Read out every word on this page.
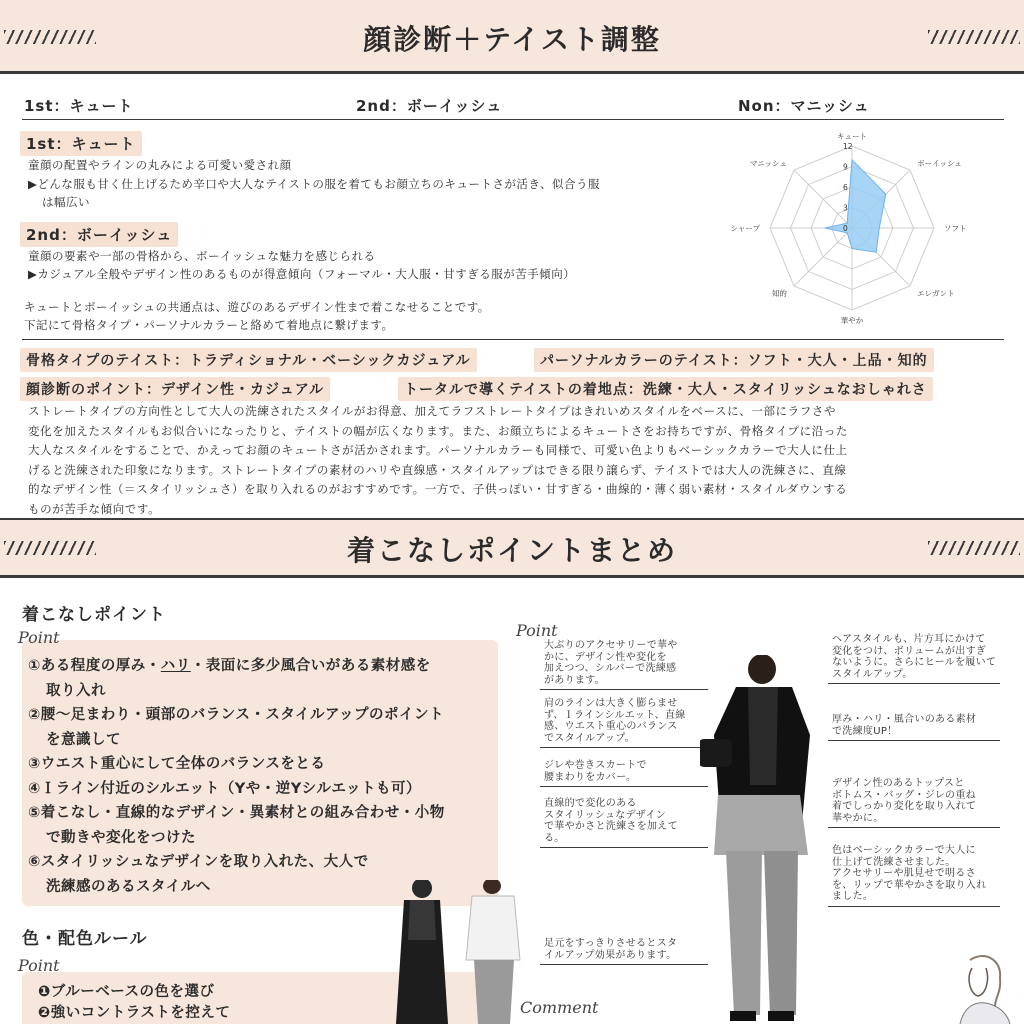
顔診断＋テイスト調整
1st：キュート	2nd：ボーイッシュ	Non：マニッシュ
1st：キュート
童顔の配置やラインの丸みによる可愛い愛され顔
▶どんな服も甘く仕上げるため辛口や大人なテイストの服を着てもお顔立ちのキュートさが活き、似合う服
は幅広い
2nd：ボーイッシュ
童顔の要素や一部の骨格から、ボーイッシュな魅力を感じられる
▶カジュアル全般やデザイン性のあるものが得意傾向（フォーマル・大人服・甘すぎる服が苦手傾向）
キュートとボーイッシュの共通点は、遊びのあるデザイン性まで着こなせることです。
下記にて骨格タイプ・パーソナルカラーと絡めて着地点に繋げます。
0
3
6
9
12
キュート
ボーイッシュ
ソフト
エレガント
華やか
知的
シャープ
マニッシュ
骨格タイプのテイスト：トラディショナル・ベーシックカジュアル	パーソナルカラーのテイスト：ソフト・大人・上品・知的
顔診断のポイント：デザイン性・カジュアル	トータルで導くテイストの着地点：洗練・大人・スタイリッシュなおしゃれさ
ストレートタイプの方向性として大人の洗練されたスタイルがお得意、加えてラフストレートタイプはきれいめスタイルをベースに、一部にラフさや
変化を加えたスタイルもお似合いになったりと、テイストの幅が広くなります。また、お顔立ちによるキュートさをお持ちですが、骨格タイプに沿った
大人なスタイルをすることで、かえってお顔のキュートさが活かされます。パーソナルカラーも同様で、可愛い色よりもベーシックカラーで大人に仕上
げると洗練された印象になります。ストレートタイプの素材のハリや直線感・スタイルアップはできる限り譲らず、テイストでは大人の洗練さに、直線
的なデザイン性（＝スタイリッシュさ）を取り入れるのがおすすめです。一方で、子供っぽい・甘すぎる・曲線的・薄く弱い素材・スタイルダウンする
ものが苦手な傾向です。
着こなしポイントまとめ
着こなしポイント
Point
①ある程度の厚み・ハリ・表面に多少風合いがある素材感を
取り入れ
②腰〜足まわり・頭部のバランス・スタイルアップのポイント
を意識して
③ウエスト重心にして全体のバランスをとる
④Ｉライン付近のシルエット（Yや・逆Yシルエットも可）
⑤着こなし・直線的なデザイン・異素材との組み合わせ・小物
で動きや変化をつけた
⑥スタイリッシュなデザインを取り入れた、大人で
洗練感のあるスタイルへ
色・配色ルール
Point
❶ブルーベースの色を選び
❷強いコントラストを控えて
Point
大ぶりのアクセサリーで華や
かに、デザイン性や変化を
加えつつ、シルバーで洗練感
があります。
肩のラインは大きく膨らませ
ず、Ｉラインシルエット、直線
感、ウエスト重心のバランス
でスタイルアップ。
ジレや巻きスカートで
腰まわりをカバー。
直線的で変化のある
スタイリッシュなデザイン
で華やかさと洗練さを加えて
る。
足元をすっきりさせるとスタ
イルアップ効果があります。
ヘアスタイルも、片方耳にかけて
変化をつけ、ボリュームが出すぎ
ないように。さらにヒールを履いて
スタイルアップ。
厚み・ハリ・風合いのある素材
で洗練度UP！
デザイン性のあるトップスと
ボトムス・バッグ・ジレの重ね
着でしっかり変化を取り入れて
華やかに。
色はベーシックカラーで大人に
仕上げて洗練させました。
アクセサリーや肌見せで明るさ
を、リップで華やかさを取り入れ
ました。
Comment
